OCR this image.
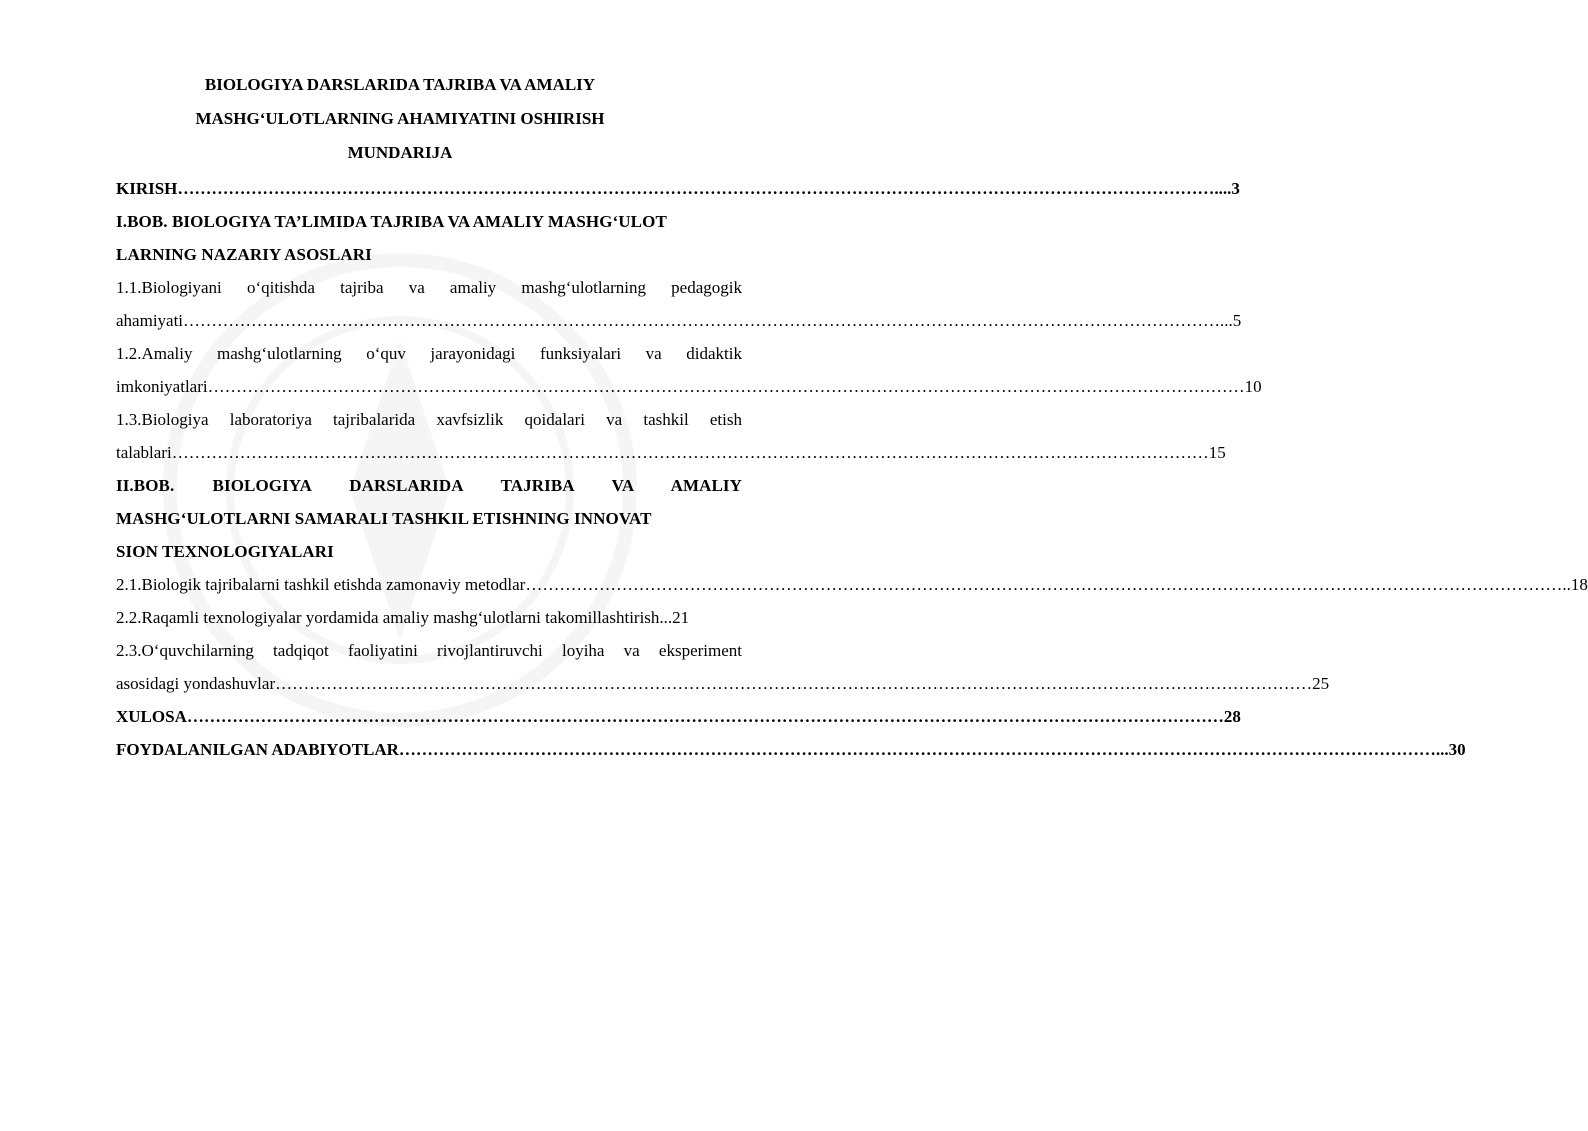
BIOLOGIYA DARSLARIDA TAJRIBA VA AMALIY
MASHG‘ULOTLARNING AHAMIYATINI OSHIRISH
MUNDARIJA
KIRISH ………………………………………………………………………………………………………………………………………………………………… ....3
I.BOB. BIOLOGIYA TA’LIMIDA TAJRIBA VA AMALIY MASHG‘ULOT
LARNING NAZARIY ASOSLARI
1.1.Biologiyani o‘qitishda tajriba va amaliy mashg‘ulotlarning pedagogik
ahamiyati ………………………………………………………………………………………………………………………………………………………………… ...5
1.2.Amaliy mashg‘ulotlarning o‘quv jarayonidagi funksiyalari va didaktik
imkoniyatlari ………………………………………………………………………………………………………………………………………………………………… 10
1.3.Biologiya laboratoriya tajribalarida xavfsizlik qoidalari va tashkil etish
talablari ………………………………………………………………………………………………………………………………………………………………… 15
II.BOB. BIOLOGIYA DARSLARIDA TAJRIBA VA AMALIY
MASHG‘ULOTLARNI SAMARALI TASHKIL ETISHNING INNOVAT
SION TEXNOLOGIYALARI
2.1.Biologik tajribalarni tashkil etishda zamonaviy metodlar ………………………………………………………………………………………………………………………………………………………………… ..18
2.2.Raqamli texnologiyalar yordamida amaliy mashg‘ulotlarni takomillashtirish...21
2.3.O‘quvchilarning tadqiqot faoliyatini rivojlantiruvchi loyiha va eksperiment
asosidagi yondashuvlar ………………………………………………………………………………………………………………………………………………………………… 25
XULOSA ………………………………………………………………………………………………………………………………………………………………… 28
FOYDALANILGAN ADABIYOTLAR ………………………………………………………………………………………………………………………………………………………………… ...30
